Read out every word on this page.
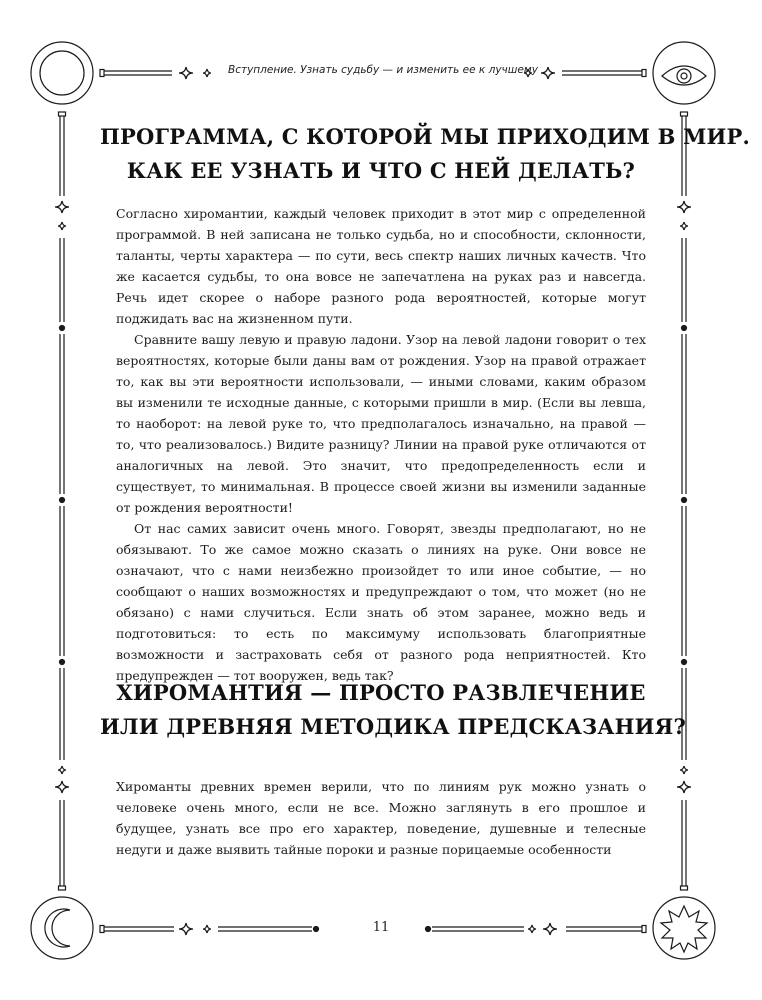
Вступление. Узнать судьбу — и изменить ее к лучшему
ПРОГРАММА, С КОТОРОЙ МЫ ПРИХОДИМ В МИР.
КАК ЕЕ УЗНАТЬ И ЧТО С НЕЙ ДЕЛАТЬ?

Согласно хиромантии, каждый человек приходит в этот мир с определенной программой. В ней записана не только судьба, но и способности, склонности, таланты, черты характера — по сути, весь спектр наших личных качеств. Что же касается судьбы, то она вовсе не запечатлена на руках раз и навсегда. Речь идет скорее о наборе разного рода вероятностей, которые могут поджидать вас на жизненном пути.

Сравните вашу левую и правую ладони. Узор на левой ладони говорит о тех вероятностях, которые были даны вам от рождения. Узор на правой отражает то, как вы эти вероятности использовали, — иными словами, каким образом вы изменили те исходные данные, с которыми пришли в мир. (Если вы левша, то наоборот: на левой руке то, что предполагалось изначально, на правой — то, что реализовалось.) Видите разницу? Линии на правой руке отличаются от аналогичных на левой. Это значит, что предопределенность если и существует, то минимальная. В процессе своей жизни вы изменили заданные от рождения вероятности!

От нас самих зависит очень много. Говорят, звезды предполагают, но не обязывают. То же самое можно сказать о линиях на руке. Они вовсе не означают, что с нами неизбежно произойдет то или иное событие, — но сообщают о наших возможностях и предупреждают о том, что может (но не обязано) с нами случиться. Если знать об этом заранее, можно ведь и подготовиться: то есть по максимуму использовать благоприятные возможности и застраховать себя от разного рода неприятностей. Кто предупрежден — тот вооружен, ведь так?

ХИРОМАНТИЯ — ПРОСТО РАЗВЛЕЧЕНИЕ
ИЛИ ДРЕВНЯЯ МЕТОДИКА ПРЕДСКАЗАНИЯ?

Хироманты древних времен верили, что по линиям рук можно узнать о человеке очень много, если не все. Можно заглянуть в его прошлое и будущее, узнать все про его характер, поведение, душевные и телесные недуги и даже выявить тайные пороки и разные порицаемые особенности

11
